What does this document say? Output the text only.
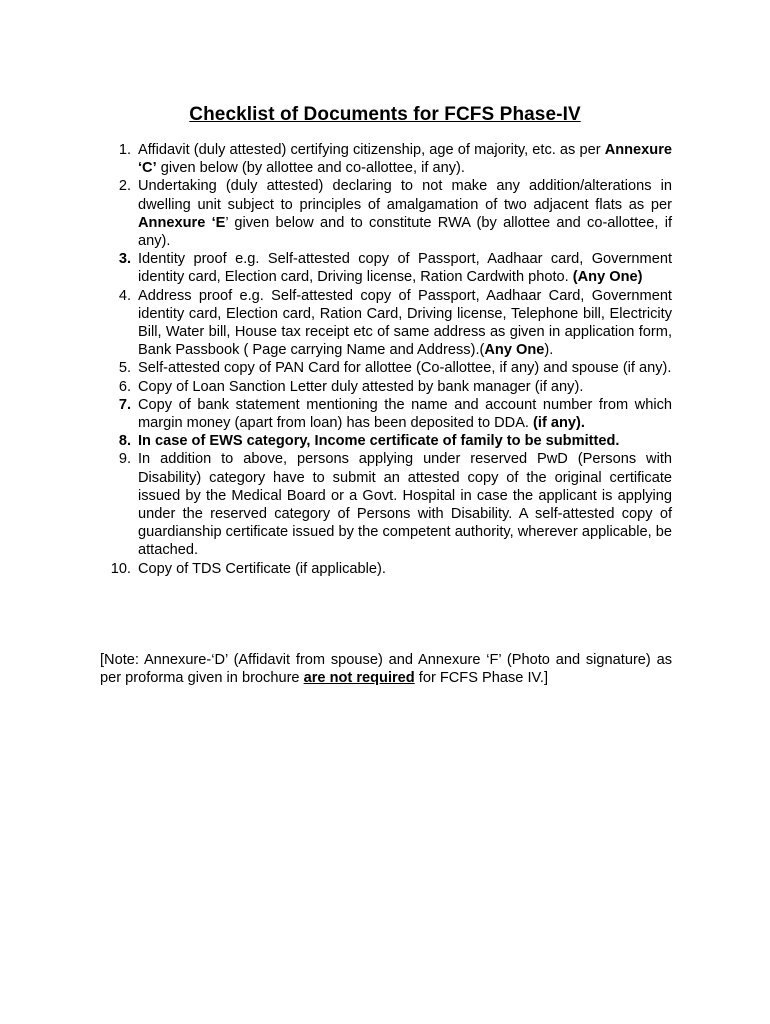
Checklist of Documents for FCFS Phase-IV
1. Affidavit (duly attested) certifying citizenship, age of majority, etc. as per Annexure ‘C’ given below (by allottee and co-allottee, if any).
2. Undertaking (duly attested) declaring to not make any addition/alterations in dwelling unit subject to principles of amalgamation of two adjacent flats as per Annexure ‘E’ given below and to constitute RWA (by allottee and co-allottee, if any).
3. Identity proof e.g. Self-attested copy of Passport, Aadhaar card, Government identity card, Election card, Driving license, Ration Cardwith photo. (Any One)
4. Address proof e.g. Self-attested copy of Passport, Aadhaar Card, Government identity card, Election card, Ration Card, Driving license, Telephone bill, Electricity Bill, Water bill, House tax receipt etc of same address as given in application form, Bank Passbook ( Page carrying Name and Address).(Any One).
5. Self-attested copy of PAN Card for allottee (Co-allottee, if any) and spouse (if any).
6. Copy of Loan Sanction Letter duly attested by bank manager (if any).
7. Copy of bank statement mentioning the name and account number from which margin money (apart from loan) has been deposited to DDA. (if any).
8. In case of EWS category, Income certificate of family to be submitted.
9. In addition to above, persons applying under reserved PwD (Persons with Disability) category have to submit an attested copy of the original certificate issued by the Medical Board or a Govt. Hospital in case the applicant is applying under the reserved category of Persons with Disability. A self-attested copy of guardianship certificate issued by the competent authority, wherever applicable, be attached.
10. Copy of TDS Certificate (if applicable).
[Note: Annexure-‘D’ (Affidavit from spouse) and Annexure ‘F’ (Photo and signature) as per proforma given in brochure are not required for FCFS Phase IV.]
